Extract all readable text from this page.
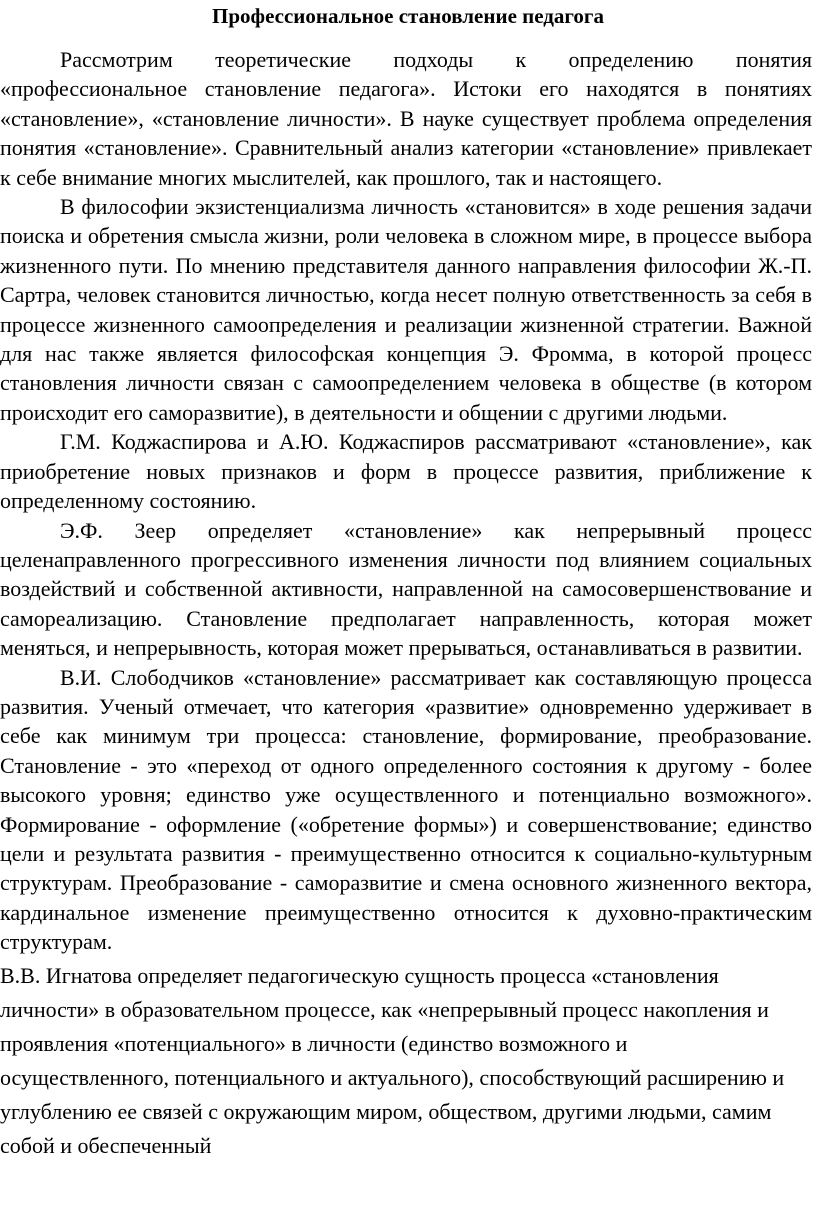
Профессиональное становление педагога

Рассмотрим теоретические подходы к определению понятия «профессиональное становление педагога». Истоки его находятся в понятиях «становление», «становление личности». В науке существует проблема определения понятия «становление». Сравнительный анализ категории «становление» привлекает к себе внимание многих мыслителей, как прошлого, так и настоящего.

В философии экзистенциализма личность «становится» в ходе решения задачи поиска и обретения смысла жизни, роли человека в сложном мире, в процессе выбора жизненного пути. По мнению представителя данного направления философии Ж.-П. Сартра, человек становится личностью, когда несет полную ответственность за себя в процессе жизненного самоопределения и реализации жизненной стратегии. Важной для нас также является философская концепция Э. Фромма, в которой процесс становления личности связан с самоопределением человека в обществе (в котором происходит его саморазвитие), в деятельности и общении с другими людьми.

Г.М. Коджаспирова и А.Ю. Коджаспиров рассматривают «становление», как приобретение новых признаков и форм в процессе развития, приближение к определенному состоянию.

Э.Ф. Зеер определяет «становление» как непрерывный процесс целенаправленного прогрессивного изменения личности под влиянием социальных воздействий и собственной активности, направленной на самосовершенствование и самореализацию. Становление предполагает направленность, которая может меняться, и непрерывность, которая может прерываться, останавливаться в развитии.

В.И. Слободчиков «становление» рассматривает как составляющую процесса развития. Ученый отмечает, что категория «развитие» одновременно удерживает в себе как минимум три процесса: становление, формирование, преобразование. Становление - это «переход от одного определенного состояния к другому - более высокого уровня; единство уже осуществленного и потенциально возможного». Формирование - оформление («обретение формы») и совершенствование; единство цели и результата развития - преимущественно относится к социально-культурным структурам. Преобразование - саморазвитие и смена основного жизненного вектора, кардинальное изменение преимущественно относится к духовно-практическим структурам.

В.В. Игнатова определяет педагогическую сущность процесса «становления личности» в образовательном процессе, как «непрерывный процесс накопления и проявления «потенциального» в личности (единство возможного и осуществленного, потенциального и актуального), способствующий расширению и углублению ее связей с окружающим миром, обществом, другими людьми, самим собой и обеспеченный
